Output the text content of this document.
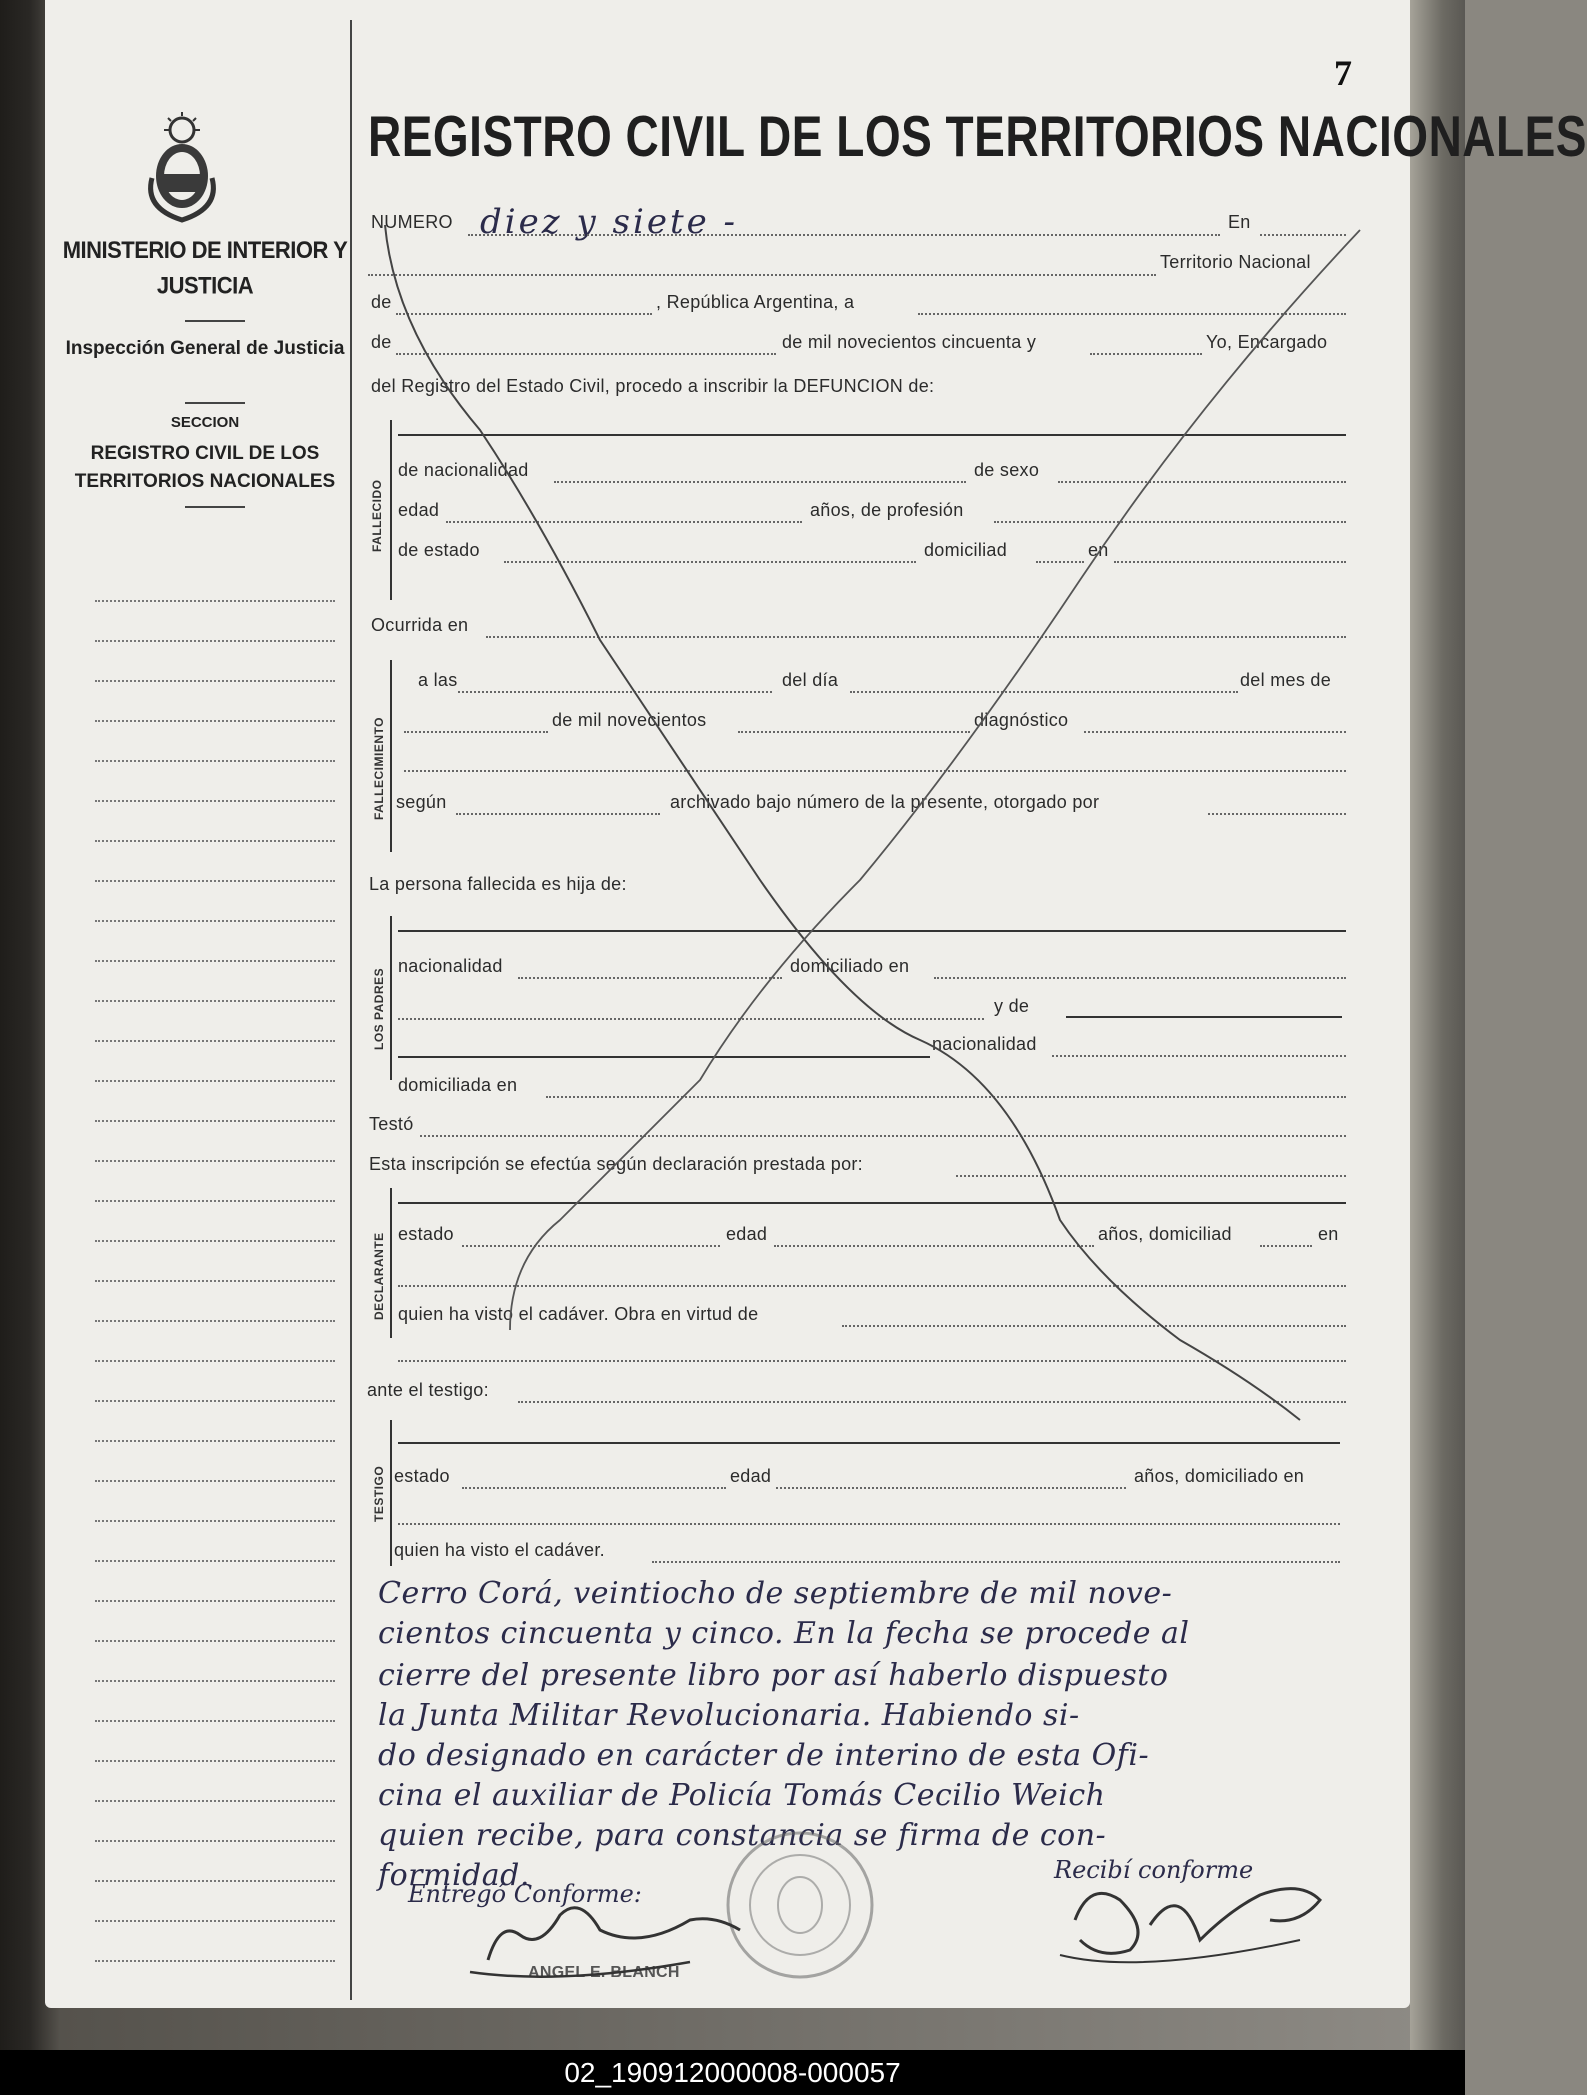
MINISTERIO DE INTERIOR Y JUSTICIA
Inspección General de Justicia
SECCION
REGISTRO CIVIL DE LOS TERRITORIOS NACIONALES
7
REGISTRO CIVIL DE LOS TERRITORIOS NACIONALES
NUMERO diez y siete -	En
Territorio Nacional
de	, República Argentina, a
de	de mil novecientos cincuenta y	Yo, Encargado
del Registro del Estado Civil, procedo a inscribir la DEFUNCION de:
FALLECIDO
de nacionalidad	de sexo
edad	años, de profesión
de estado	domiciliad	en
Ocurrida en
FALLECIMIENTO
a las	del día	del mes de
de mil novecientos	diagnóstico
según	archivado bajo número de la presente, otorgado por
La persona fallecida es hija de:
LOS PADRES
nacionalidad	domiciliado en
y de
nacionalidad
domiciliada en
Testó
Esta inscripción se efectúa según declaración prestada por:
DECLARANTE estado	edad	años, domiciliad	en
quien ha visto el cadáver. Obra en virtud de
ante el testigo:
TESTIGO estado	edad	años, domiciliado en
quien ha visto el cadáver.
Cerro Corá, veintiocho de septiembre de mil nove-
cientos cincuenta y cinco. En la fecha se procede al
cierre del presente libro por así haberlo dispuesto
la Junta Militar Revolucionaria. Habiendo si-
do designado en carácter de interino de esta Ofi-
cina el auxiliar de Policía Tomás Cecilio Weich
quien recibe, para constancia se firma de con-
formidad.
Entregó Conforme:
Recibí conforme
ANGEL E. BLANCH
02_190912000008-000057
